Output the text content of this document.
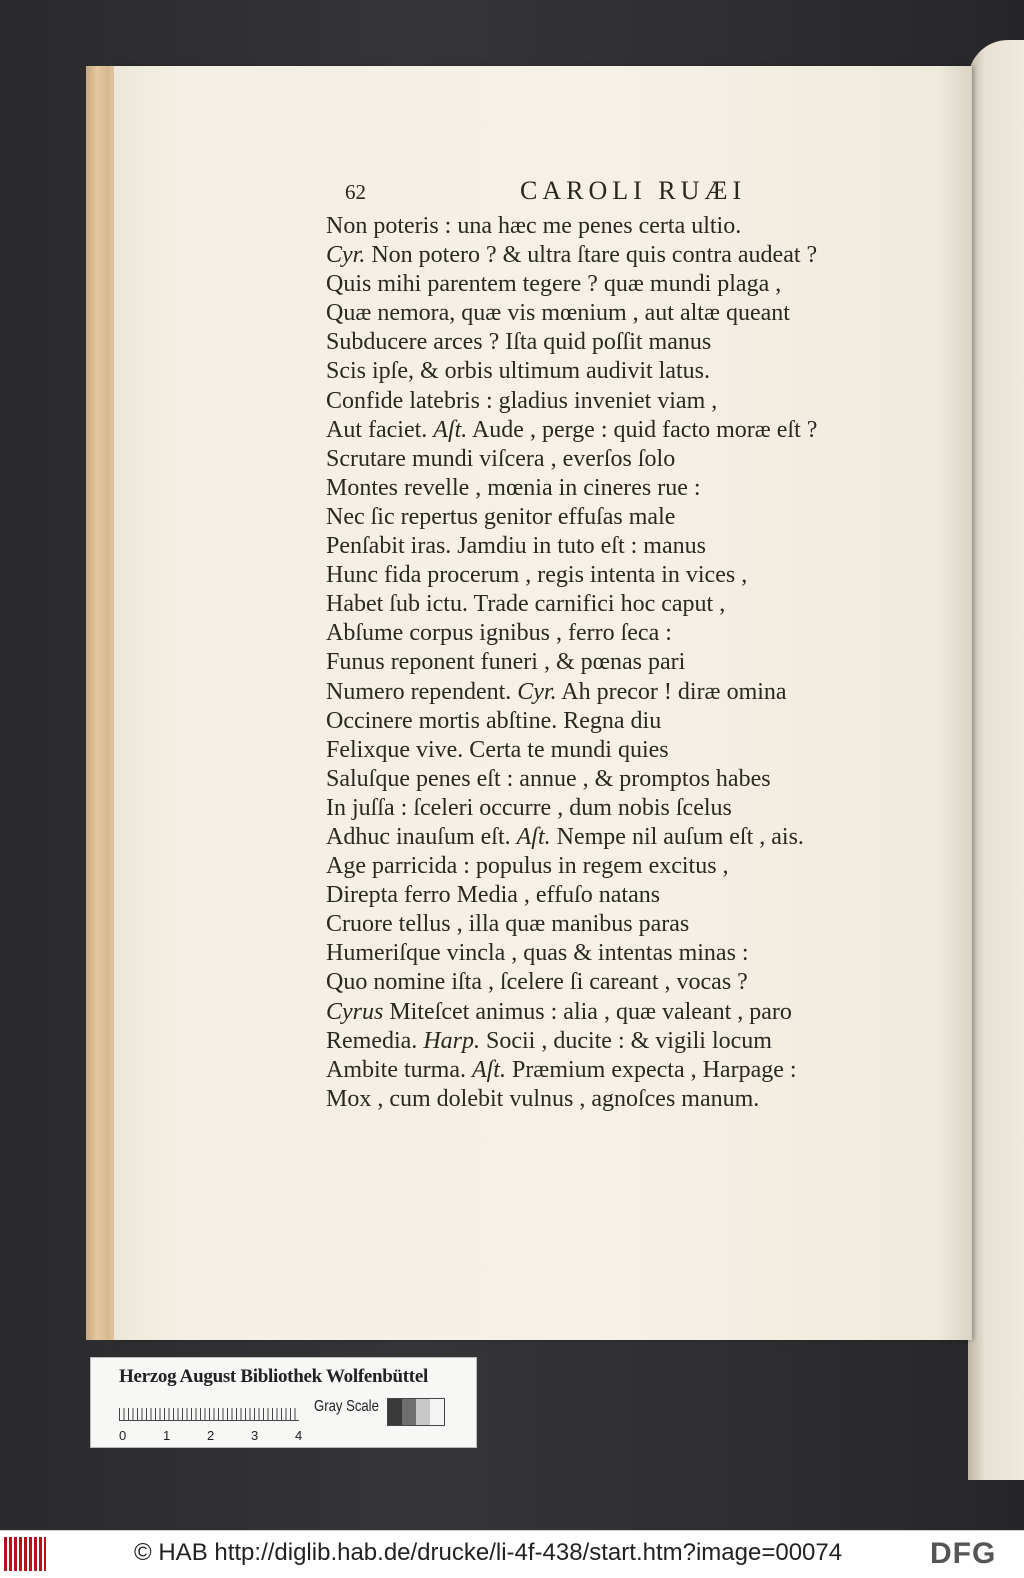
62	CAROLI RUÆI
Non poteris : una hæc me penes certa ultio.
Cyr. Non potero ? & ultra ſtare quis contra audeat ?
Quis mihi parentem tegere ? quæ mundi plaga ,
Quæ nemora, quæ vis mœnium , aut altæ queant
Subducere arces ? Iſta quid poſſit manus
Scis ipſe, & orbis ultimum audivit latus.
Confide latebris : gladius inveniet viam ,
Aut faciet. Aſt. Aude , perge : quid facto moræ eſt ?
Scrutare mundi viſcera , everſos ſolo
Montes revelle , mœnia in cineres rue :
Nec ſic repertus genitor effuſas male
Penſabit iras. Jamdiu in tuto eſt : manus
Hunc fida procerum , regis intenta in vices ,
Habet ſub ictu. Trade carnifici hoc caput ,
Abſume corpus ignibus , ferro ſeca :
Funus reponent funeri , & pœnas pari
Numero rependent. Cyr. Ah precor ! diræ omina
Occinere mortis abſtine. Regna diu
Felixque vive. Certa te mundi quies
Saluſque penes eſt : annue , & promptos habes
In juſſa : ſceleri occurre , dum nobis ſcelus
Adhuc inauſum eſt. Aſt. Nempe nil auſum eſt , ais.
Age parricida : populus in regem excitus ,
Direpta ferro Media , effuſo natans
Cruore tellus , illa quæ manibus paras
Humeriſque vincla , quas & intentas minas :
Quo nomine iſta , ſcelere ſi careant , vocas ?
Cyrus Miteſcet animus : alia , quæ valeant , paro
Remedia. Harp. Socii , ducite : & vigili locum
Ambite turma. Aſt. Præmium expecta , Harpage :
Mox , cum dolebit vulnus , agnoſces manum.
Herzog August Bibliothek Wolfenbüttel
0	1	2	3	4
Gray Scale
© HAB http://diglib.hab.de/drucke/li-4f-438/start.htm?image=00074	DFG
